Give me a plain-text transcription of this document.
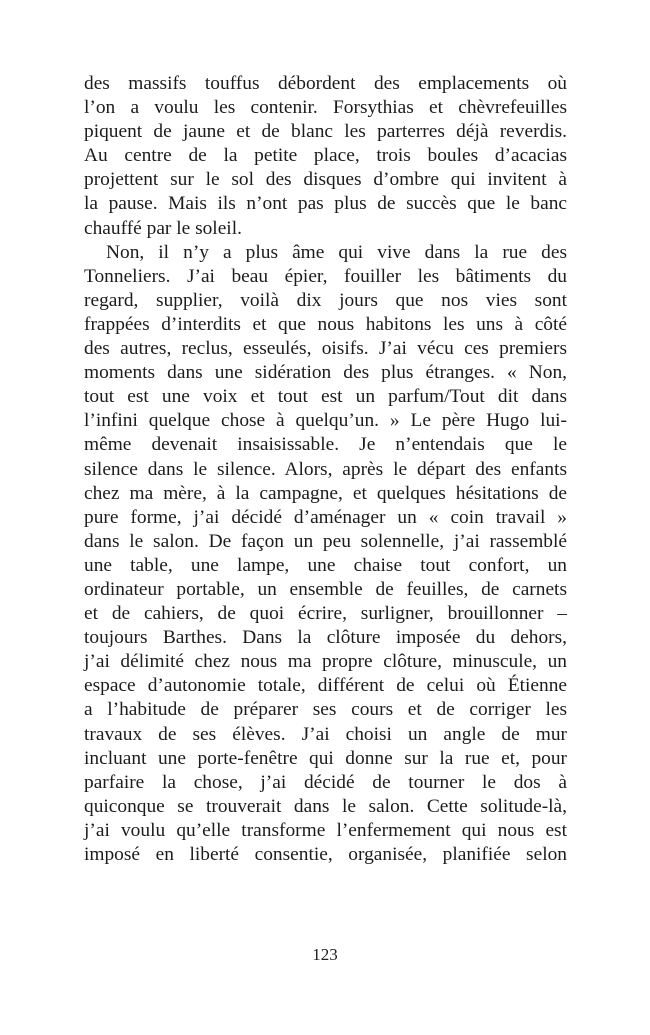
des massifs touffus débordent des emplacements où
l’on a voulu les contenir. Forsythias et chèvrefeuilles
piquent de jaune et de blanc les parterres déjà reverdis.
Au centre de la petite place, trois boules d’acacias
projettent sur le sol des disques d’ombre qui invitent à
la pause. Mais ils n’ont pas plus de succès que le banc
chauffé par le soleil.
Non, il n’y a plus âme qui vive dans la rue des
Tonneliers. J’ai beau épier, fouiller les bâtiments du
regard, supplier, voilà dix jours que nos vies sont
frappées d’interdits et que nous habitons les uns à côté
des autres, reclus, esseulés, oisifs. J’ai vécu ces premiers
moments dans une sidération des plus étranges. « Non,
tout est une voix et tout est un parfum/Tout dit dans
l’infini quelque chose à quelqu’un. » Le père Hugo lui-
même devenait insaisissable. Je n’entendais que le
silence dans le silence. Alors, après le départ des enfants
chez ma mère, à la campagne, et quelques hésitations de
pure forme, j’ai décidé d’aménager un « coin travail »
dans le salon. De façon un peu solennelle, j’ai rassemblé
une table, une lampe, une chaise tout confort, un
ordinateur portable, un ensemble de feuilles, de carnets
et de cahiers, de quoi écrire, surligner, brouillonner –
toujours Barthes. Dans la clôture imposée du dehors,
j’ai délimité chez nous ma propre clôture, minuscule, un
espace d’autonomie totale, différent de celui où Étienne
a l’habitude de préparer ses cours et de corriger les
travaux de ses élèves. J’ai choisi un angle de mur
incluant une porte-fenêtre qui donne sur la rue et, pour
parfaire la chose, j’ai décidé de tourner le dos à
quiconque se trouverait dans le salon. Cette solitude-là,
j’ai voulu qu’elle transforme l’enfermement qui nous est
imposé en liberté consentie, organisée, planifiée selon
123
